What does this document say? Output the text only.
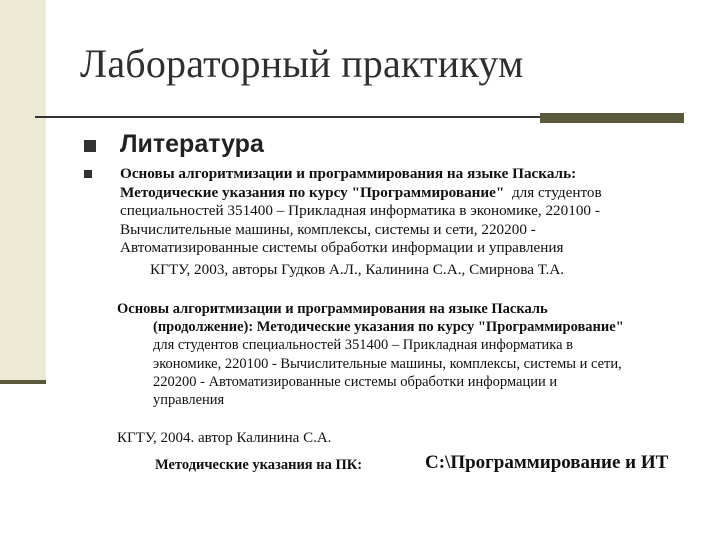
Лабораторный практикум
Литература
Основы алгоритмизации и программирования на языке Паскаль:
Методические указания по курсу "Программирование"  для студентов
специальностей 351400 – Прикладная информатика в экономике, 220100 -
Вычислительные машины, комплексы, системы и сети, 220200 -
Автоматизированные системы обработки информации и управления
КГТУ, 2003, авторы Гудков А.Л., Калинина С.А., Смирнова Т.А.
Основы алгоритмизации и программирования на языке Паскаль
(продолжение): Методические указания по курсу "Программирование"
для студентов специальностей 351400 – Прикладная информатика в
экономике, 220100 - Вычислительные машины, комплексы, системы и сети,
220200 - Автоматизированные системы обработки информации и
управления
КГТУ, 2004. автор Калинина С.А.
Методические указания на ПК:	С:\Программирование и ИТ
